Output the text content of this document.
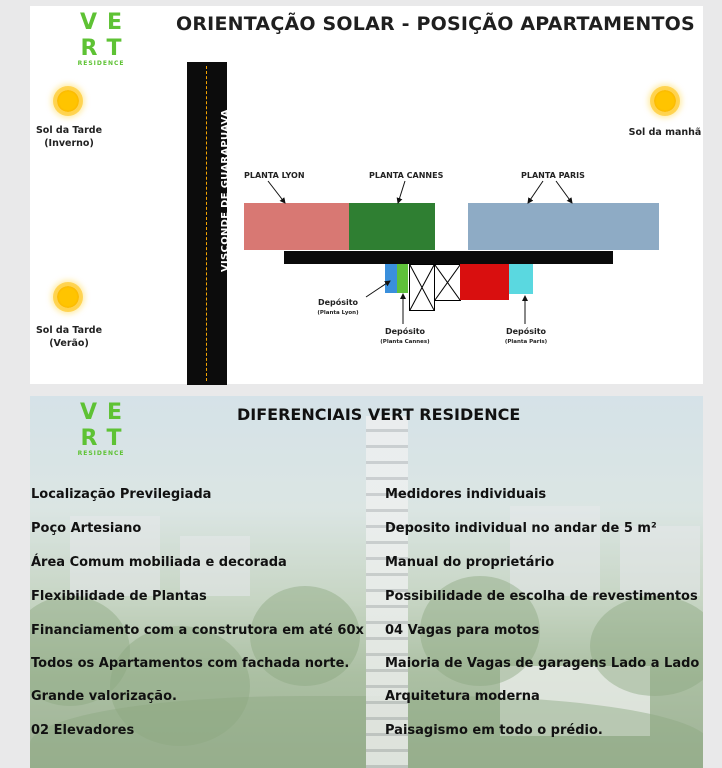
VE
RT
RESIDENCE
ORIENTAÇÃO SOLAR - POSIÇÃO APARTAMENTOS
Sol da Tarde
(Inverno)
Sol da manhã
Sol da Tarde
(Verão)
VISCONDE DE GUARAPUAVA PLANTA LYON	PLANTA CANNES	PLANTA PARIS
Depósito
(Planta Lyon)
Depósito
(Planta Cannes)
Depósito
(Planta Paris)
VE
RT
RESIDENCE
DIFERENCIAIS VERT RESIDENCE
Localização Previlegiada
Poço Artesiano
Área Comum mobiliada e decorada
Flexibilidade de Plantas
Financiamento com a construtora em até 60x
Todos os Apartamentos com fachada norte.
Grande valorização.
02 Elevadores
Medidores individuais
Deposito individual no andar de 5 m²
Manual do proprietário
Possibilidade de escolha de revestimentos
04 Vagas para motos
Maioria de Vagas de garagens Lado a Lado
Arquitetura moderna
Paisagismo em todo o prédio.
